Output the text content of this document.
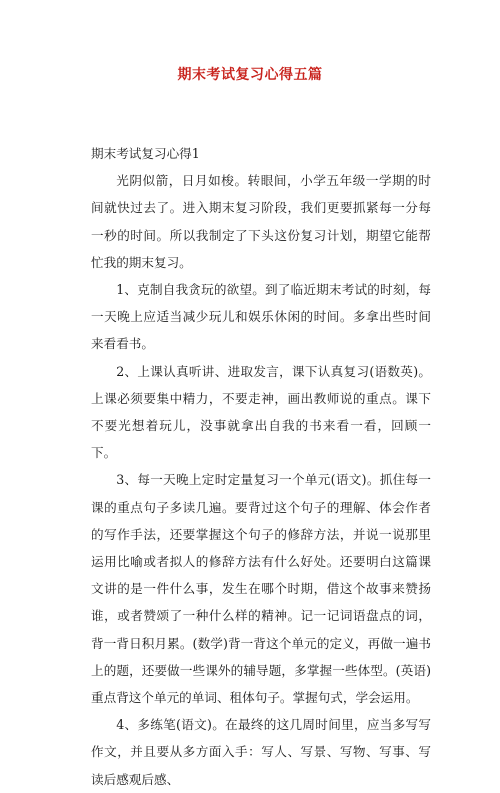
期末考试复习心得五篇

期末考试复习心得1

光阴似箭，日月如梭。转眼间，小学五年级一学期的时间就快过去了。进入期末复习阶段，我们更要抓紧每一分每一秒的时间。所以我制定了下头这份复习计划，期望它能帮忙我的期末复习。

1、克制自我贪玩的欲望。到了临近期末考试的时刻，每一天晚上应适当减少玩儿和娱乐休闲的时间。多拿出些时间来看看书。

2、上课认真听讲、进取发言，课下认真复习(语数英)。上课必须要集中精力，不要走神，画出教师说的重点。课下不要光想着玩儿，没事就拿出自我的书来看一看，回顾一下。

3、每一天晚上定时定量复习一个单元(语文)。抓住每一课的重点句子多读几遍。要背过这个句子的理解、体会作者的写作手法，还要掌握这个句子的修辞方法，并说一说那里运用比喻或者拟人的修辞方法有什么好处。还要明白这篇课文讲的是一件什么事，发生在哪个时期，借这个故事来赞扬谁，或者赞颂了一种什么样的精神。记一记词语盘点的词，背一背日积月累。(数学)背一背这个单元的定义，再做一遍书上的题，还要做一些课外的辅导题，多掌握一些体型。(英语)重点背这个单元的单词、租体句子。掌握句式，学会运用。

4、多练笔(语文)。在最终的这几周时间里，应当多写写作文，并且要从多方面入手：写人、写景、写物、写事、写读后感观后感、
